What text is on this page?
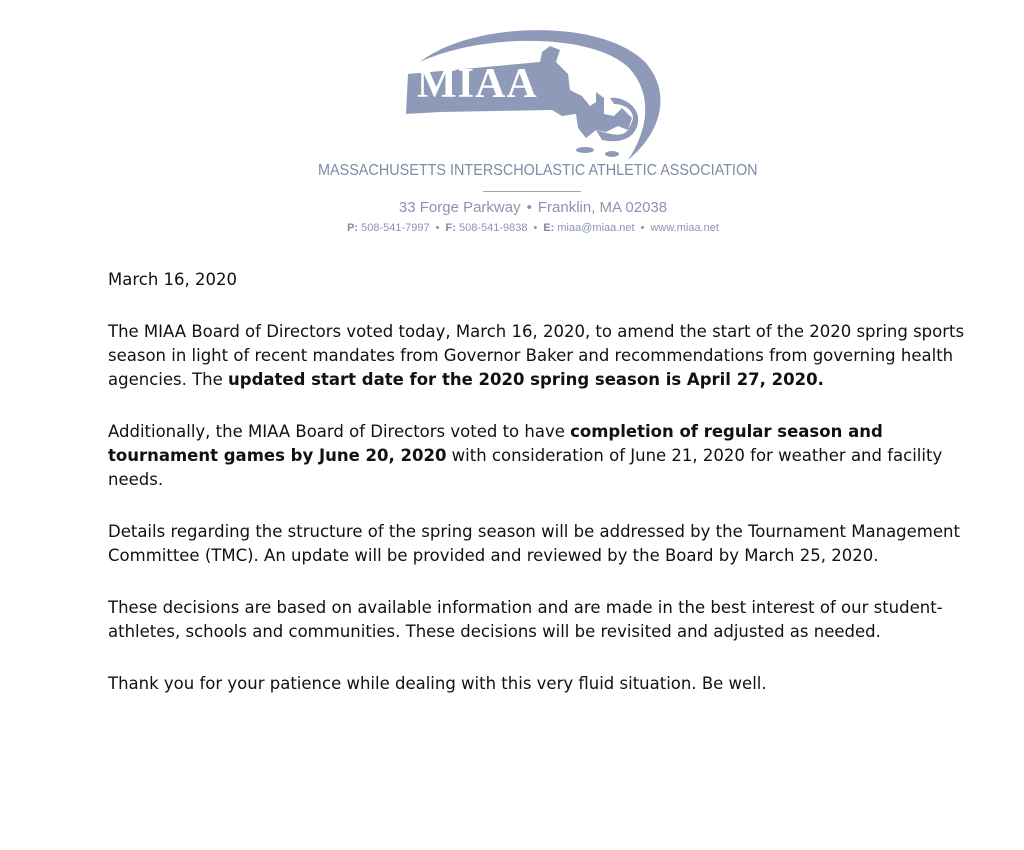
MIAA
MASSACHUSETTS INTERSCHOLASTIC ATHLETIC ASSOCIATION
33 Forge Parkway • Franklin, MA 02038
P: 508-541-7997 • F: 508-541-9838 • E: miaa@miaa.net • www.miaa.net

March 16, 2020

The MIAA Board of Directors voted today, March 16, 2020, to amend the start of the 2020 spring sports season in light of recent mandates from Governor Baker and recommendations from governing health agencies. The updated start date for the 2020 spring season is April 27, 2020.

Additionally, the MIAA Board of Directors voted to have completion of regular season and tournament games by June 20, 2020 with consideration of June 21, 2020 for weather and facility needs.

Details regarding the structure of the spring season will be addressed by the Tournament Management Committee (TMC). An update will be provided and reviewed by the Board by March 25, 2020.

These decisions are based on available information and are made in the best interest of our student-athletes, schools and communities. These decisions will be revisited and adjusted as needed.

Thank you for your patience while dealing with this very fluid situation. Be well.
